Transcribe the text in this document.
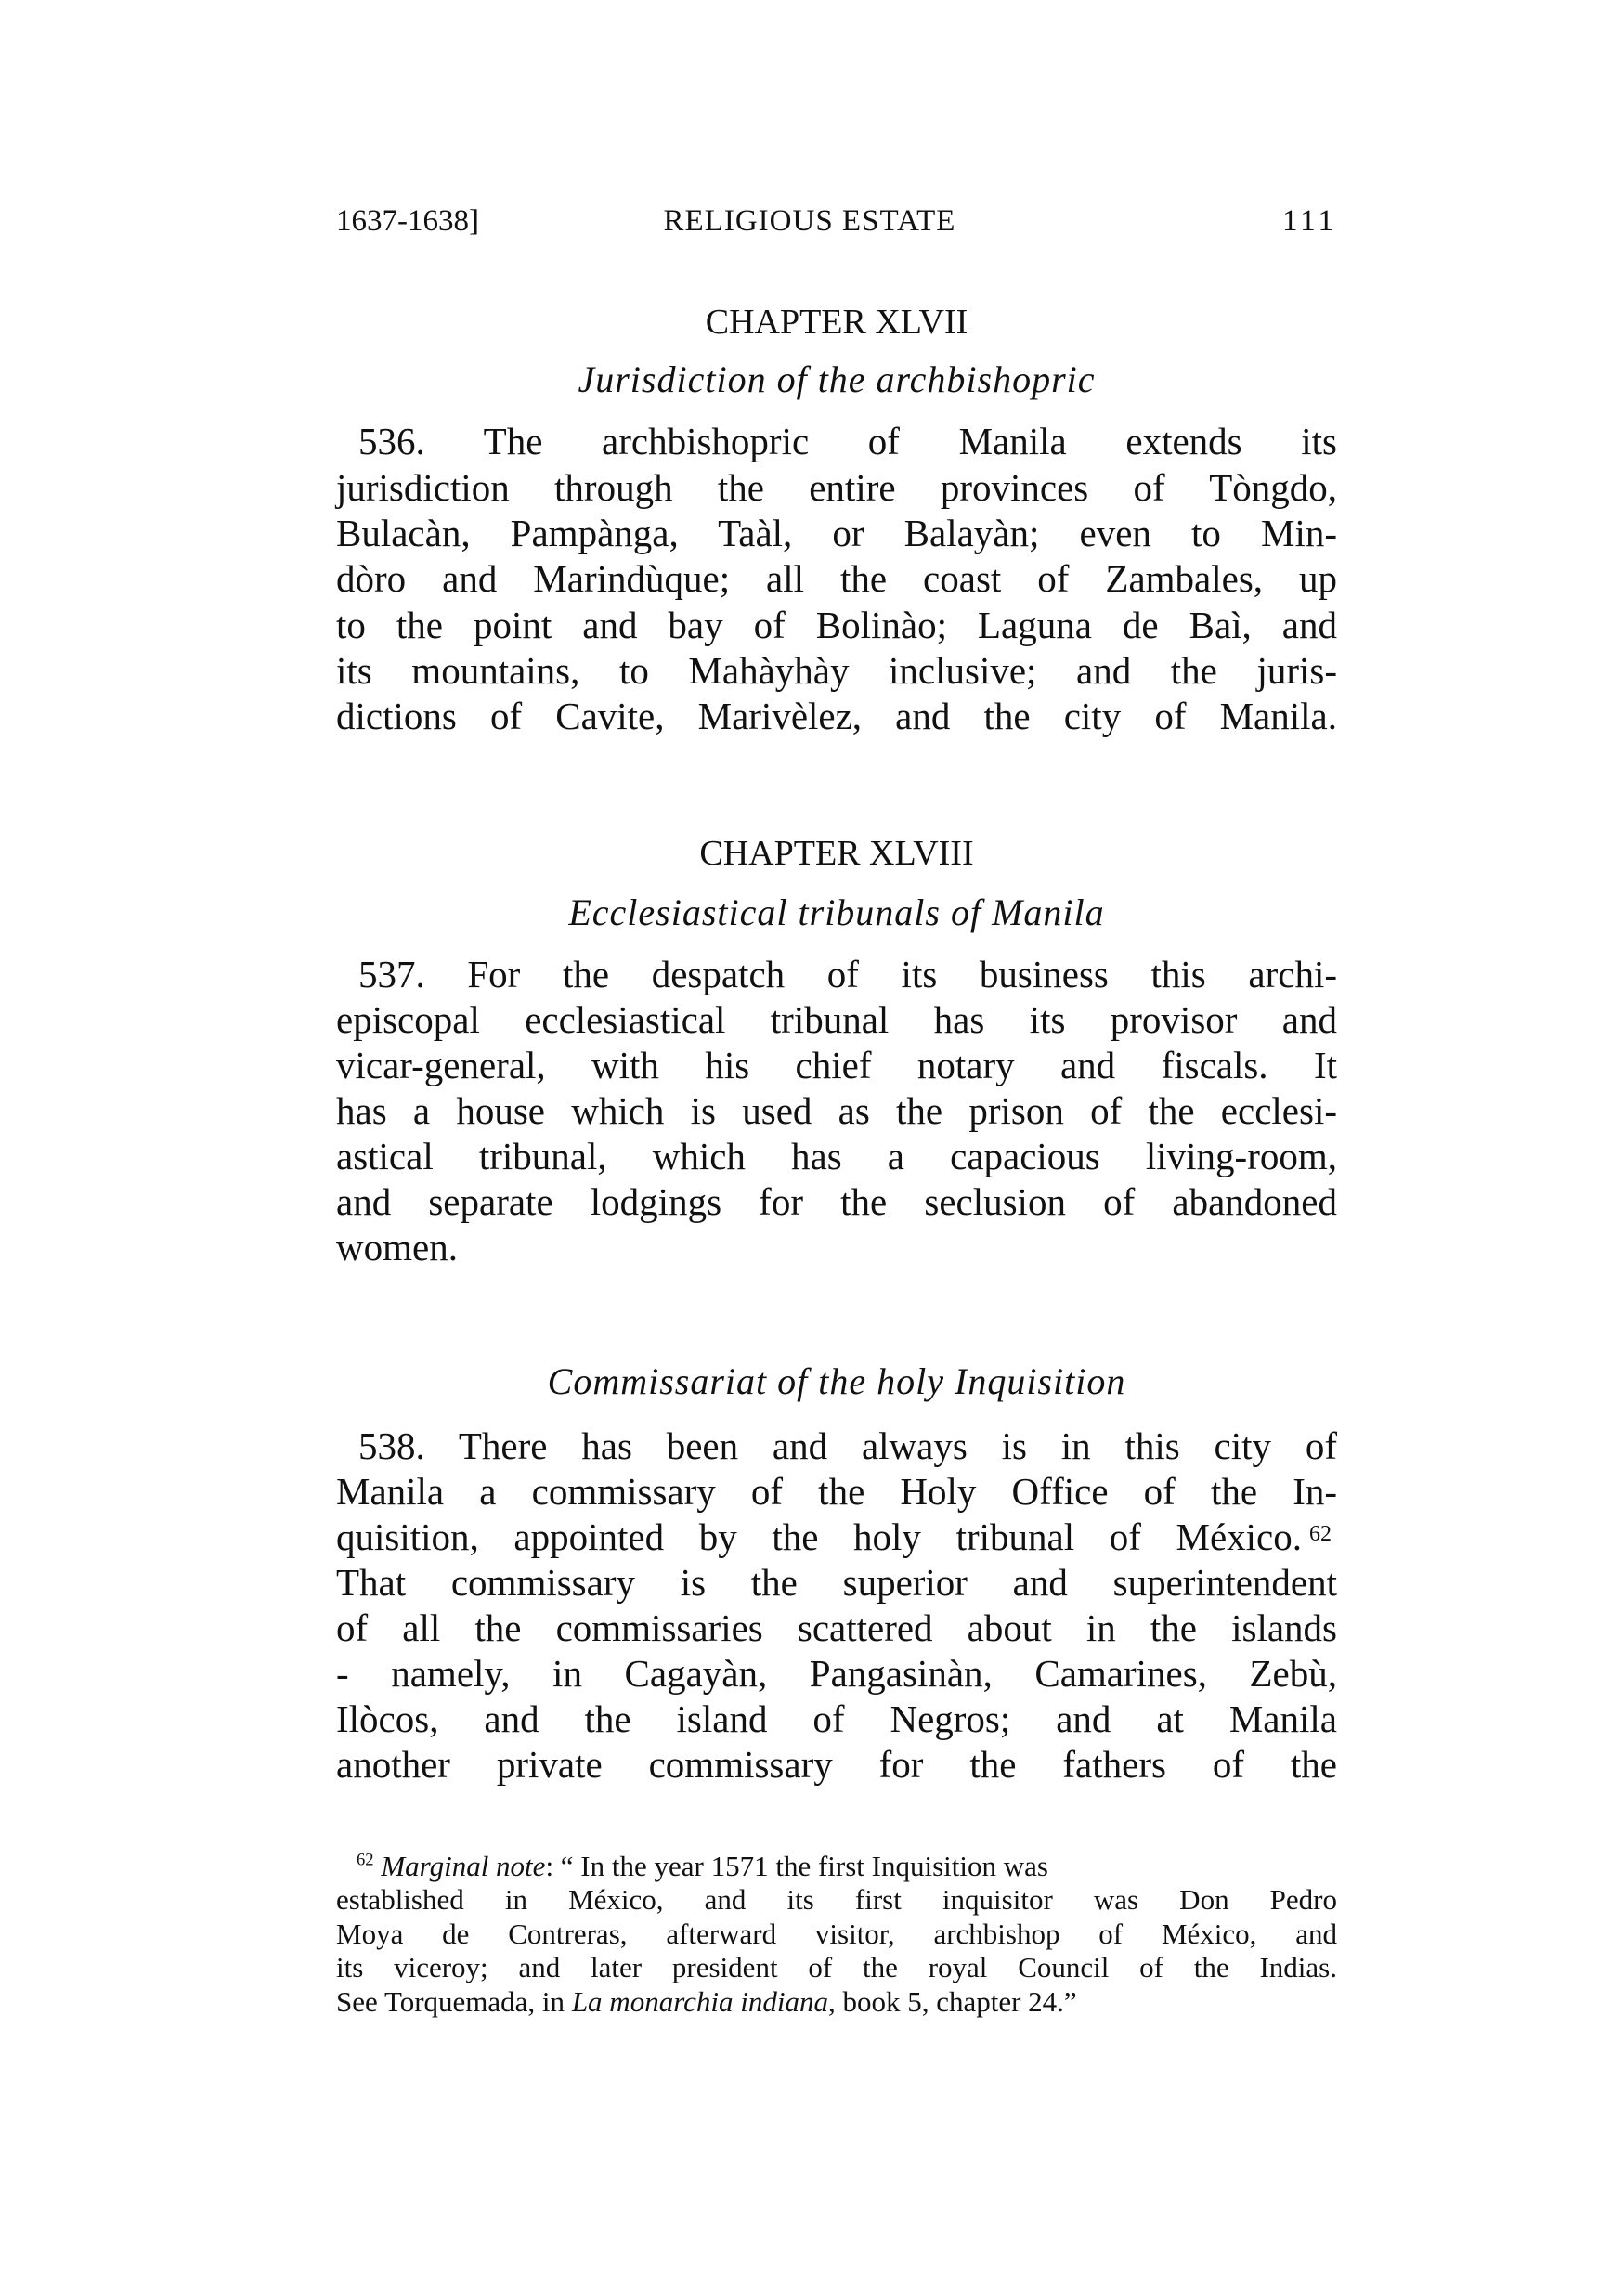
1637-1638]	RELIGIOUS ESTATE	111
CHAPTER XLVII
Jurisdiction of the archbishopric
536. The archbishopric of Manila extends its
jurisdiction through the entire provinces of Tòngdo,
Bulacàn, Pampànga, Taàl, or Balayàn; even to Min-
dòro and Marindùque; all the coast of Zambales, up
to the point and bay of Bolinào; Laguna de Baì, and
its mountains, to Mahàyhày inclusive; and the juris-
dictions of Cavite, Marivèlez, and the city of Manila.
CHAPTER XLVIII
Ecclesiastical tribunals of Manila
537. For the despatch of its business this archi-
episcopal ecclesiastical tribunal has its provisor and
vicar-general, with his chief notary and fiscals. It
has a house which is used as the prison of the ecclesi-
astical tribunal, which has a capacious living-room,
and separate lodgings for the seclusion of abandoned
women.
Commissariat of the holy Inquisition
538. There has been and always is in this city of
Manila a commissary of the Holy Office of the In-
quisition, appointed by the holy tribunal of México. 62
That commissary is the superior and superintendent
of all the commissaries scattered about in the islands
- namely, in Cagayàn, Pangasinàn, Camarines, Zebù,
Ilòcos, and the island of Negros; and at Manila
another private commissary for the fathers of the
$^{62}$ Marginal note: “ In the year 1571 the first Inquisition was
established in México, and its first inquisitor was Don Pedro
Moya de Contreras, afterward visitor, archbishop of México, and
its viceroy; and later president of the royal Council of the Indias.
See Torquemada, in La monarchia indiana, book 5, chapter 24.”
